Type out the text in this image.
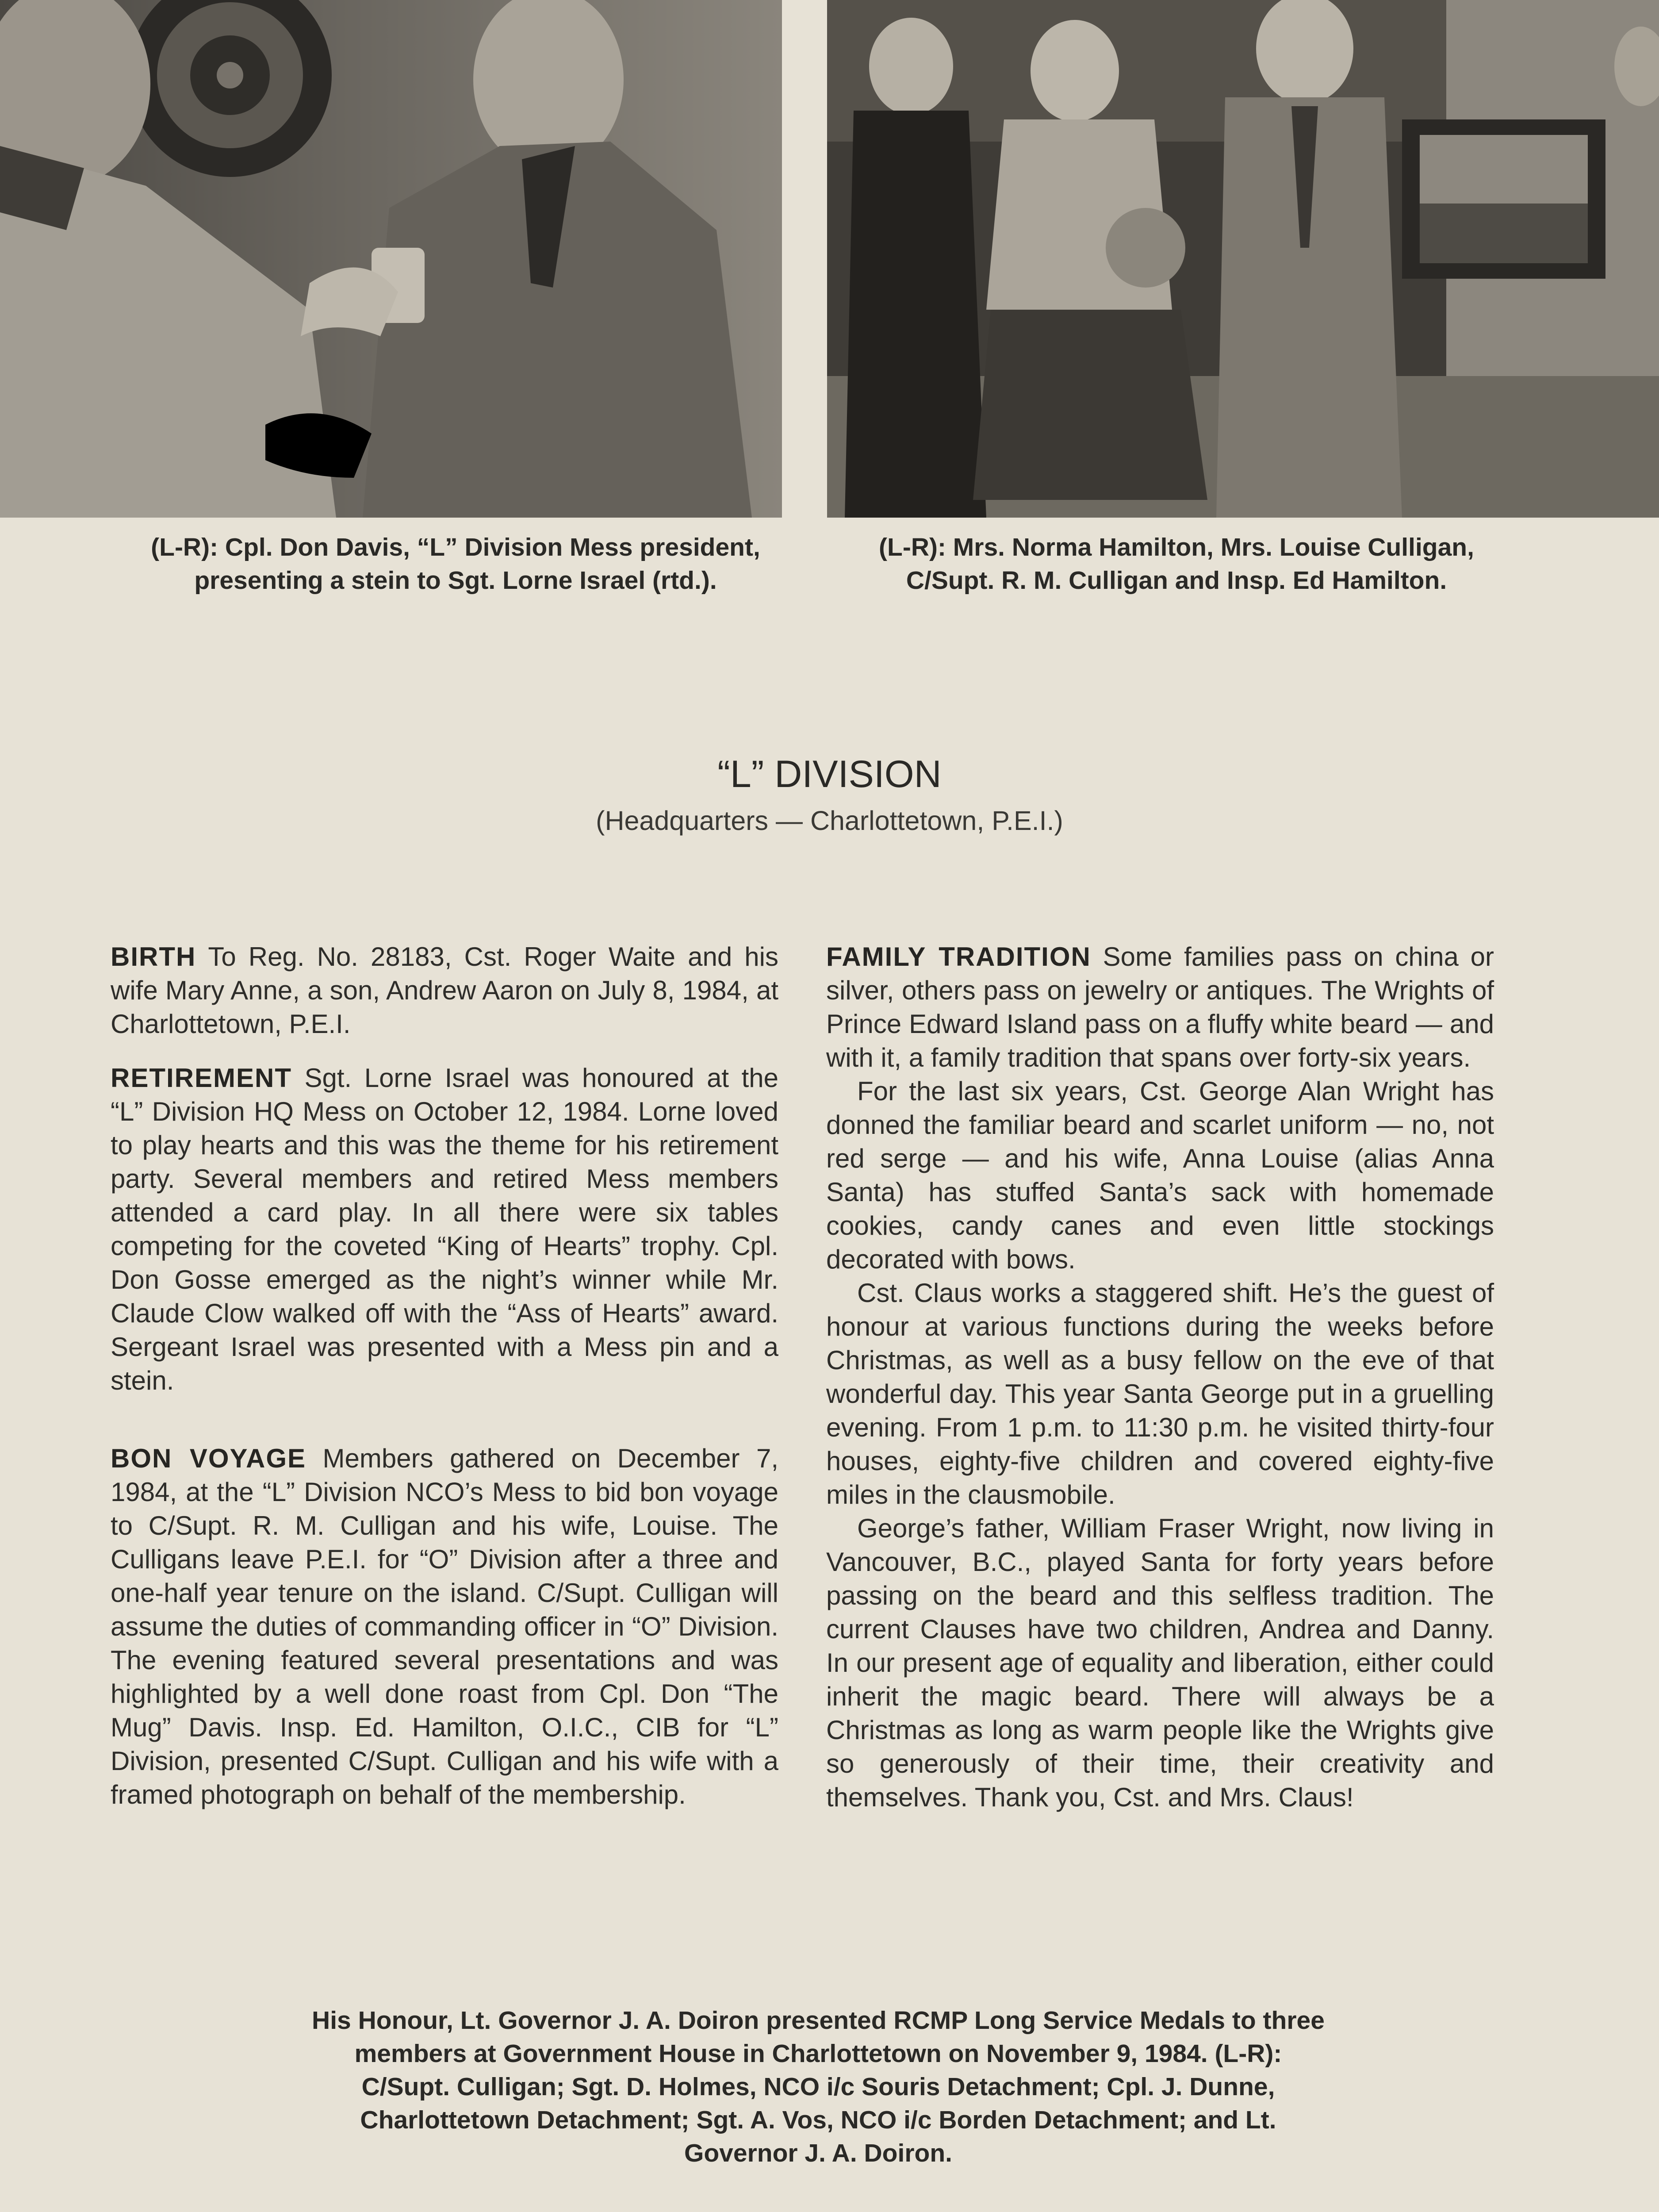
(L-R): Cpl. Don Davis, “L” Division Mess president, presenting a stein to Sgt. Lorne Israel (rtd.).
(L-R): Mrs. Norma Hamilton, Mrs. Louise Culligan, C/Supt. R. M. Culligan and Insp. Ed Hamilton.
“L” DIVISION
(Headquarters — Charlottetown, P.E.I.)

BIRTH To Reg. No. 28183, Cst. Roger Waite and his wife Mary Anne, a son, Andrew Aaron on July 8, 1984, at Charlottetown, P.E.I.

RETIREMENT Sgt. Lorne Israel was honoured at the “L” Division HQ Mess on October 12, 1984. Lorne loved to play hearts and this was the theme for his retirement party. Several members and retired Mess members attended a card play. In all there were six tables competing for the coveted “King of Hearts” trophy. Cpl. Don Gosse emerged as the night’s winner while Mr. Claude Clow walked off with the “Ass of Hearts” award. Sergeant Israel was presented with a Mess pin and a stein.

BON VOYAGE Members gathered on December 7, 1984, at the “L” Division NCO’s Mess to bid bon voyage to C/Supt. R. M. Culligan and his wife, Louise. The Culligans leave P.E.I. for “O” Division after a three and one-half year tenure on the island. C/Supt. Culligan will assume the duties of commanding officer in “O” Division. The evening featured several presentations and was highlighted by a well done roast from Cpl. Don “The Mug” Davis. Insp. Ed. Hamilton, O.I.C., CIB for “L” Division, presented C/Supt. Culligan and his wife with a framed photograph on behalf of the membership.

FAMILY TRADITION Some families pass on china or silver, others pass on jewelry or antiques. The Wrights of Prince Edward Island pass on a fluffy white beard — and with it, a family tradition that spans over forty-six years.

For the last six years, Cst. George Alan Wright has donned the familiar beard and scarlet uniform — no, not red serge — and his wife, Anna Louise (alias Anna Santa) has stuffed Santa’s sack with homemade cookies, candy canes and even little stockings decorated with bows.

Cst. Claus works a staggered shift. He’s the guest of honour at various functions during the weeks before Christmas, as well as a busy fellow on the eve of that wonderful day. This year Santa George put in a gruelling evening. From 1 p.m. to 11:30 p.m. he visited thirty-four houses, eighty-five children and covered eighty-five miles in the clausmobile.

George’s father, William Fraser Wright, now living in Vancouver, B.C., played Santa for forty years before passing on the beard and this selfless tradition. The current Clauses have two children, Andrea and Danny. In our present age of equality and liberation, either could inherit the magic beard. There will always be a Christmas as long as warm people like the Wrights give so generously of their time, their creativity and themselves. Thank you, Cst. and Mrs. Claus!

His Honour, Lt. Governor J. A. Doiron presented RCMP Long Service Medals to three members at Government House in Charlottetown on November 9, 1984. (L-R): C/Supt. Culligan; Sgt. D. Holmes, NCO i/c Souris Detachment; Cpl. J. Dunne, Charlottetown Detachment; Sgt. A. Vos, NCO i/c Borden Detachment; and Lt. Governor J. A. Doiron.
